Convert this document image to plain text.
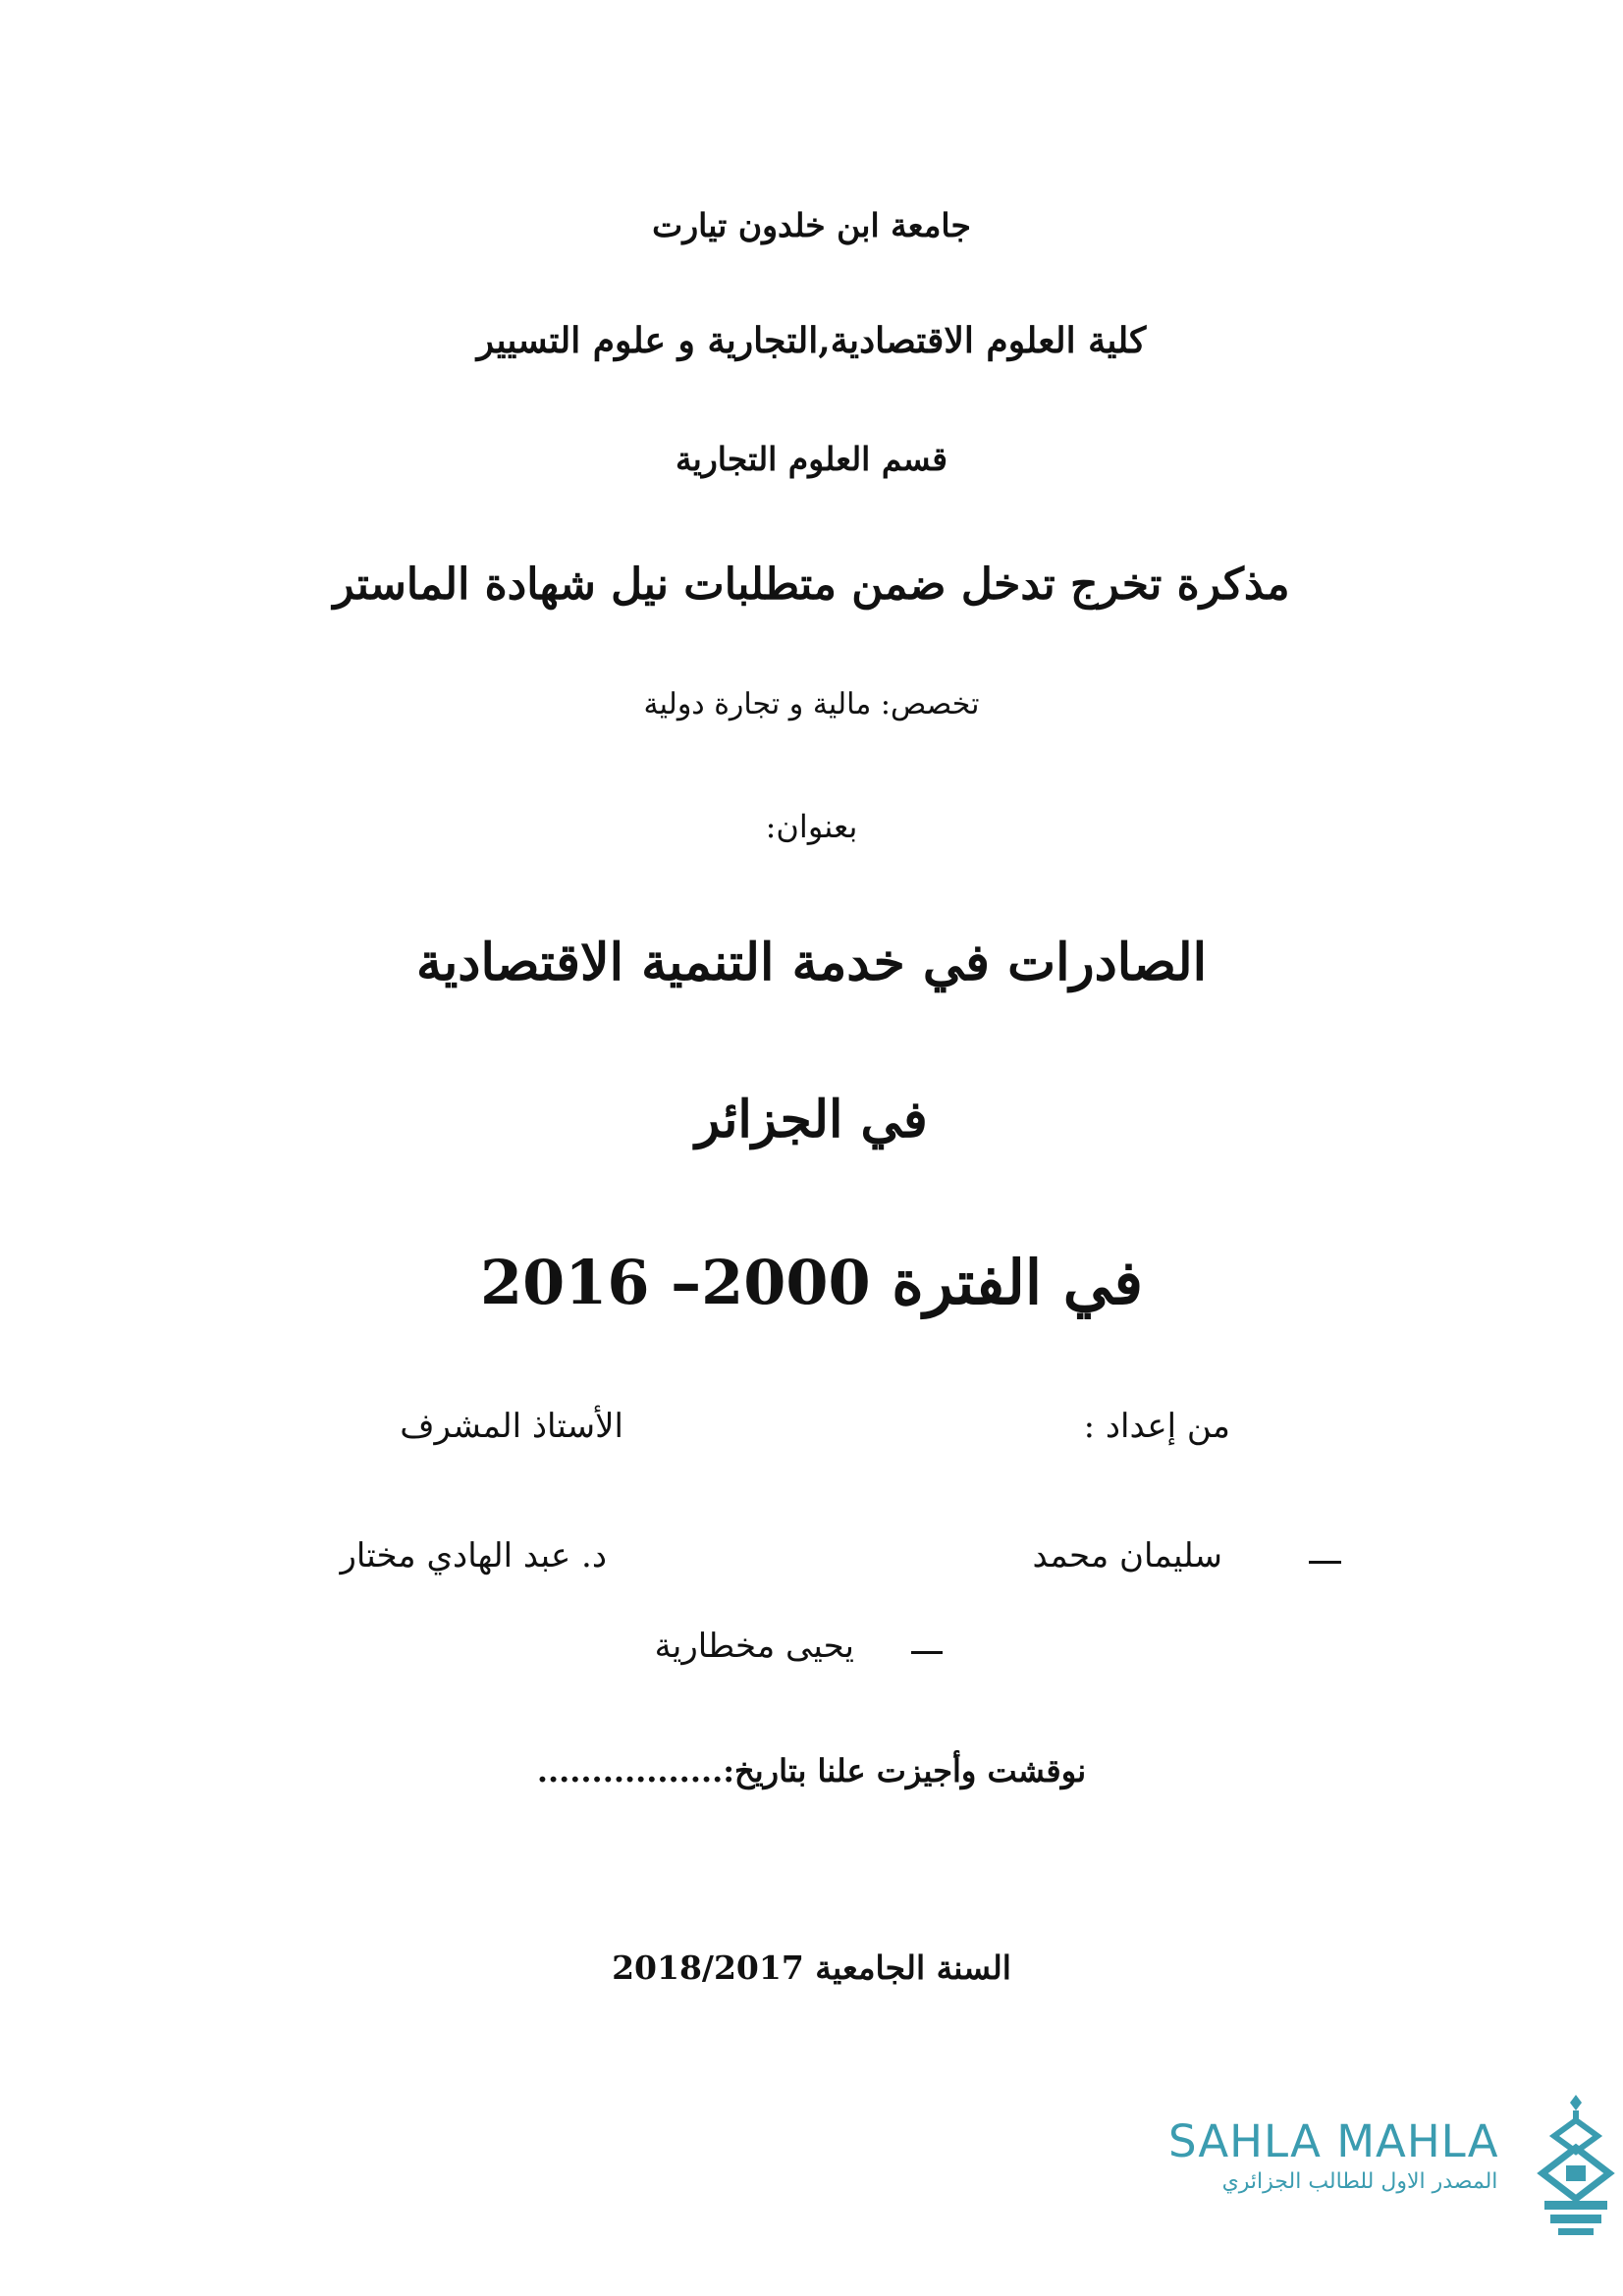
جامعة ابن خلدون تيارت
كلية العلوم الاقتصادية,التجارية و علوم التسيير
قسم العلوم التجارية
مذكرة تخرج تدخل ضمن متطلبات نيل شهادة الماستر
تخصص: مالية و تجارة دولية
بعنوان:
الصادرات في خدمة التنمية الاقتصادية
في الجزائر
في الفترة 2000– 2016
من إعداد :
الأستاذ المشرف
سليمان محمد
د. عبد الهادي مختار
يحيى مخطارية
نوقشت وأجيزت علنا بتاريخ:.................
السنة الجامعية 2018/2017
SAHLA MAHLA
المصدر الاول للطالب الجزائري
